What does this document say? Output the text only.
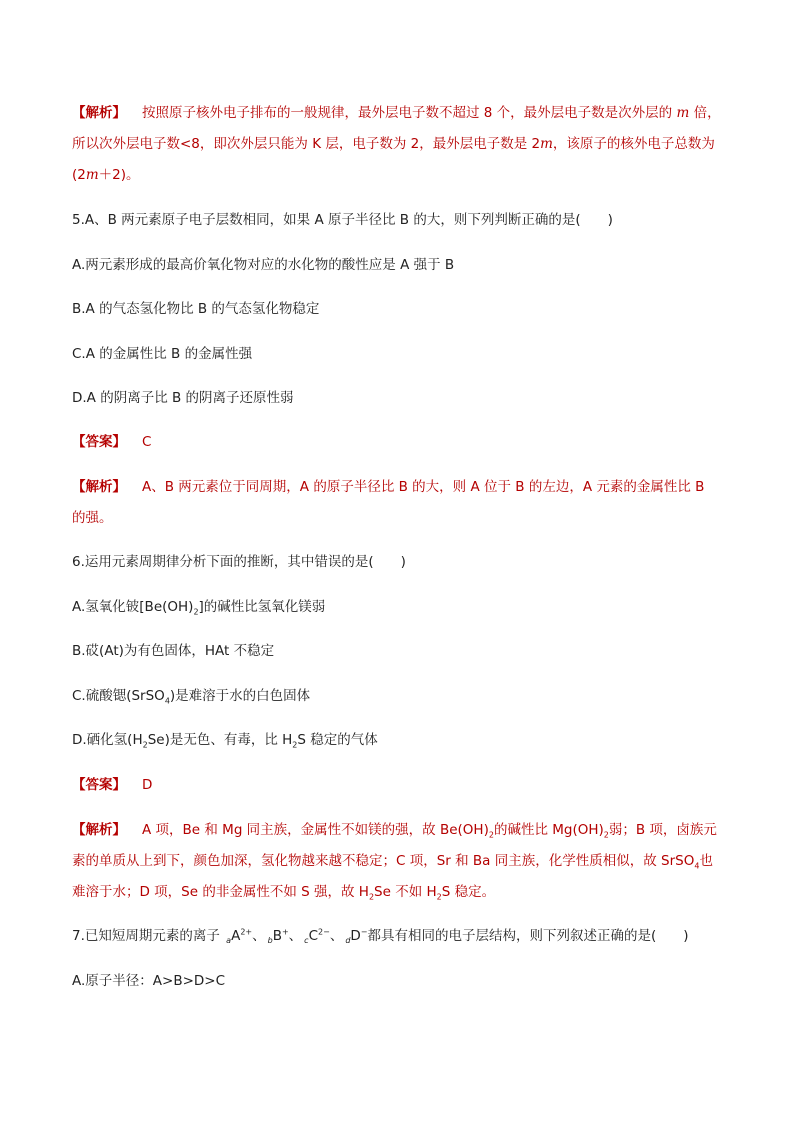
【解析】 按照原子核外电子排布的一般规律，最外层电子数不超过 8 个，最外层电子数是次外层的 m 倍，
所以次外层电子数<8，即次外层只能为 K 层，电子数为 2，最外层电子数是 2m，该原子的核外电子总数为
(2m＋2)。
5.A、B 两元素原子电子层数相同，如果 A 原子半径比 B 的大，则下列判断正确的是(　　)
A.两元素形成的最高价氧化物对应的水化物的酸性应是 A 强于 B
B.A 的气态氢化物比 B 的气态氢化物稳定
C.A 的金属性比 B 的金属性强
D.A 的阴离子比 B 的阴离子还原性弱
【答案】 C
【解析】 A、B 两元素位于同周期，A 的原子半径比 B 的大，则 A 位于 B 的左边，A 元素的金属性比 B
的强。
6.运用元素周期律分析下面的推断，其中错误的是(　　)
A.氢氧化铍$[Be(OH)_2]$的碱性比氢氧化镁弱
B.砹(At)为有色固体，HAt 不稳定
C.硫酸锶(SrSO$_4$)是难溶于水的白色固体
D.硒化氢$(H_2Se)$是无色、有毒，比 $H_2S$ 稳定的气体
【答案】 D
【解析】 A 项，Be 和 Mg 同主族，金属性不如镁的强，故 $Be(OH)_2$的碱性比 $Mg(OH)_2$弱；B 项，卤族元
素的单质从上到下，颜色加深，氢化物越来越不稳定；C 项，Sr 和 Ba 同主族，化学性质相似，故 SrSO$_4$也
难溶于水；D 项，Se 的非金属性不如 S 强，故 $H_2Se$ 不如 $H_2S$ 稳定。
7.已知短周期元素的离子 $_aA^{2+}$、 $_b$B+、 $_cC^{2-}$、 $_d$D−都具有相同的电子层结构，则下列叙述正确的是(　　)
A.原子半径：A>B>D>C
